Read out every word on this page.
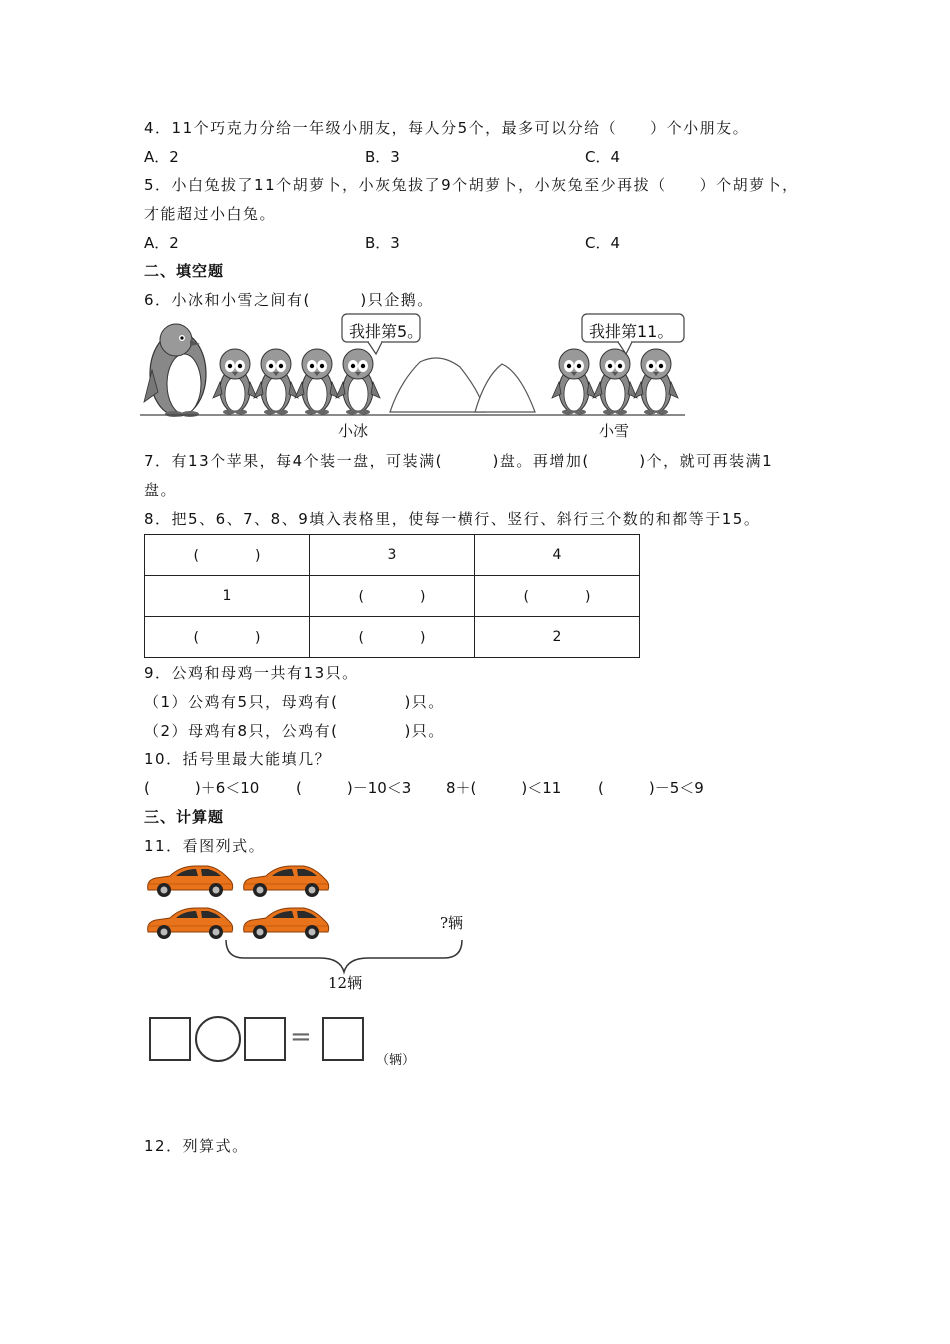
4．11个巧克力分给一年级小朋友，每人分5个，最多可以分给（　　）个小朋友。
A．2	B．3	C．4
5．小白兔拔了11个胡萝卜，小灰兔拔了9个胡萝卜，小灰兔至少再拔（　　）个胡萝卜，
才能超过小白兔。
A．2	B．3	C．4
二、填空题
6．小冰和小雪之间有(　　　)只企鹅。
我排第5。	我排第11。
小冰	小雪
7．有13个苹果，每4个装一盘，可装满(　　　)盘。再增加(　　　)个，就可再装满1
盘。
8．把5、6、7、8、9填入表格里，使每一横行、竖行、斜行三个数的和都等于15。
(　　　　)	3	4
1	(　　　　)	(　　　　)
(　　　　)	(　　　　)	2
9．公鸡和母鸡一共有13只。
（1）公鸡有5只，母鸡有(　　　　)只。
（2）母鸡有8只，公鸡有(　　　　)只。
10．括号里最大能填几？
(　　　)＋6＜10 (　　　)－10＜3 8＋(　　　)＜11 (　　　)－5＜9
三、计算题
11．看图列式。
?辆
12辆
=
（辆）
12．列算式。
